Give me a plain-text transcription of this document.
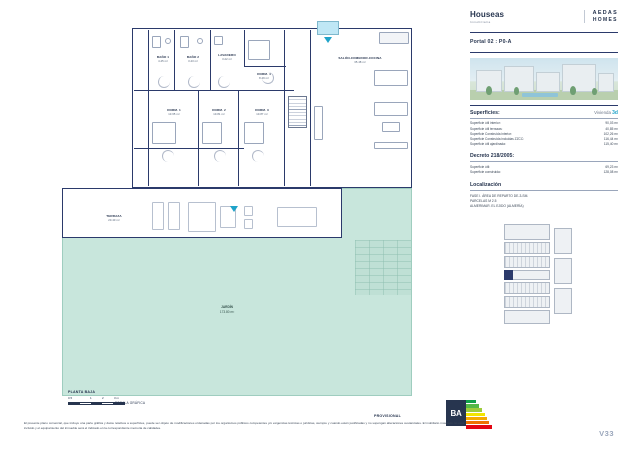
JARDÍN
173.80 m²
TERRAZA
20.40 m²
BAÑO 1
4.45 m²
BAÑO 2
3.43 m²
LAVADERO
3.22 m²
DORM. 4
8.49 m²
SALÓN-COMEDOR-COCINA
35.48 m²
DORM. 1
13.65 m²
DORM. 2
10.81 m²
DORM. 3
10.87 m²
PLANTA BAJA
0.5	1	2	3 m
ESCALA GRÁFICA
PROVISIONAL	BA
El presente plano comercial, que incluye una parte gráfica y datos relativos a superficies, puede ser objeto de modificaciones ordenadas por los organismos públicos competentes y/o exigencias técnicas o jurídicas, siempre y cuando estén justificadas y no supongan alteraciones sustanciales. El mobiliario mostrado no está incluido y el equipamiento del inmueble será el indicado en la correspondiente memoria de calidades.
Houseas
Inmobiliaria
AEDAS
HOMES
Portal 02 : P0-A
Superficies:	Vivienda 3d
Superficie útil interior:	90,03 m²
Superficie útil terrazas:	40,85 m²
Superficie Construida interior:	102,26 m²
Superficie Construida incluidas ZZCC:	116,44 m²
Superficie útil ajardinada:	115,40 m²
Decreto 218/2005:
Superficie útil:	69,23 m²
Superficie construida:	128,08 m²
Localización
FASE I. ÁREA DE REPARTO DE-3-SM.
PARCELAS M 2.5
ALMERIMAR. EL EJIDO (ALMERÍA)
V33
